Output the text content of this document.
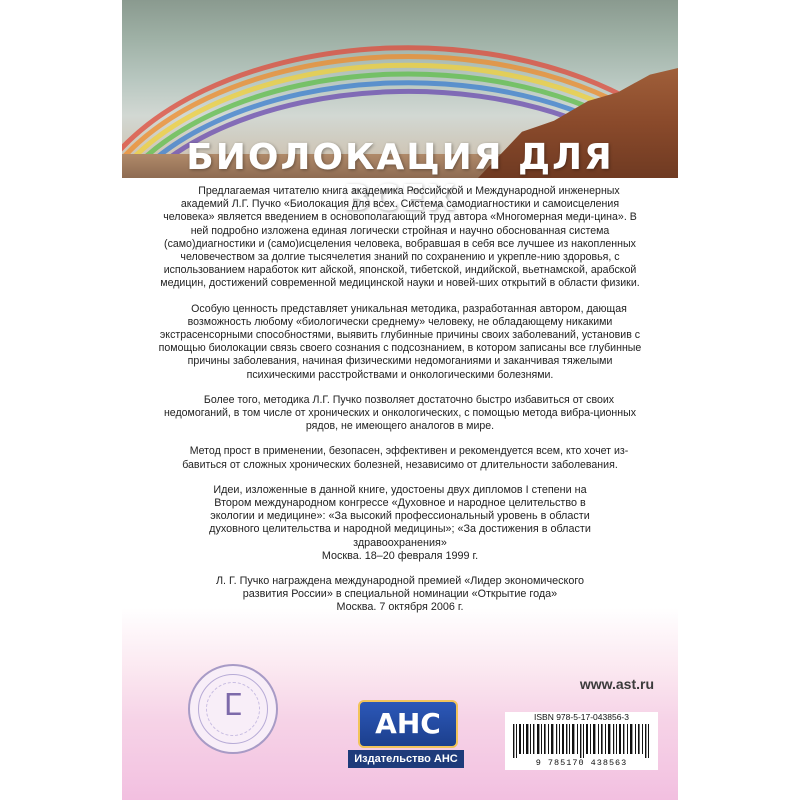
БИОЛОКАЦИЯ ДЛЯ ВСЕХ

Предлагаемая читателю книга академика Российской и Международной инженерных академий Л.Г. Пучко «Биолокация для всех. Система самодиагностики и самоисцеления человека» является введением в основополагающий труд автора «Многомерная меди-цина». В ней подробно изложена единая логически стройная и научно обоснованная система (само)диагностики и (само)исцеления человека, вобравшая в себя все лучшее из накопленных человечеством за долгие тысячелетия знаний по сохранению и укрепле-нию здоровья, с использованием наработок кит айской, японской, тибетской, индийской, вьетнамской, арабской медицин, достижений современной медицинской науки и новей-ших открытий в области физики.

Особую ценность представляет уникальная методика, разработанная автором, дающая возможность любому «биологически среднему» человеку, не обладающему никакими экстрасенсорными способностями, выявить глубинные причины своих заболеваний, установив с помощью биолокации связь своего сознания с подсознанием, в котором записаны все глубинные причины заболевания, начиная физическими недомоганиями и заканчивая тяжелыми психическими расстройствами и онкологическими болезнями.

Более того, методика Л.Г. Пучко позволяет достаточно быстро избавиться от своих недомоганий, в том числе от хронических и онкологических, с помощью метода вибра-ционных рядов, не имеющего аналогов в мире.

Метод прост в применении, безопасен, эффективен и рекомендуется всем, кто хочет из-бавиться от сложных хронических болезней, независимо от длительности заболевания.

Идеи, изложенные в данной книге, удостоены двух дипломов I степени на
Втором международном конгрессе «Духовное и народное целительство в
экологии и медицине»: «За высокий профессиональный уровень в области
духовного целительства и народной медицины»; «За достижения в области
здравоохранения»
Москва. 18–20 февраля 1999 г.
Л. Г. Пучко награждена международной премией «Лидер экономического
развития России» в специальной номинации «Открытие года»
Москва. 7 октября 2006 г.
ⵎ
АНС
Издательство АНС
www.ast.ru
ISBN 978-5-17-043856-3
9 785170 438563
